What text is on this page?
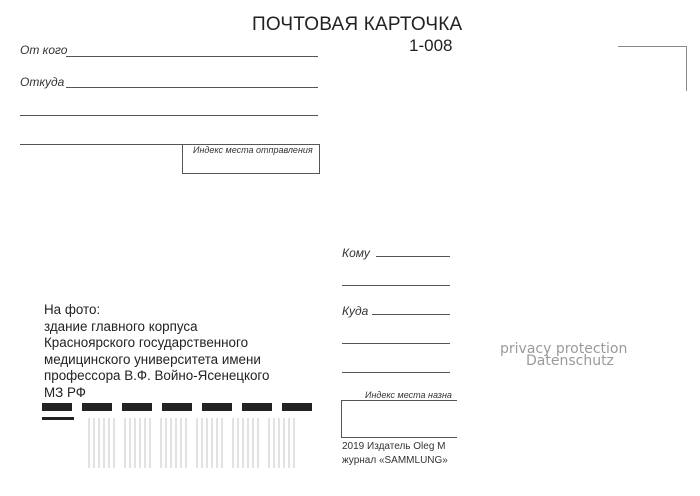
ПОЧТОВАЯ КАРТОЧКА
1-008
От кого
Откуда
Индекс места отправления
Кому
Куда
Индекс места назна
2019 Издатель Oleg M
журнал «SAMMLUNG»
На фото:
здание главного корпуса
Красноярского государственного
медицинского университета имени
профессора В.Ф. Войно-Ясенецкого
МЗ РФ
privacy protection
Datenschutz
